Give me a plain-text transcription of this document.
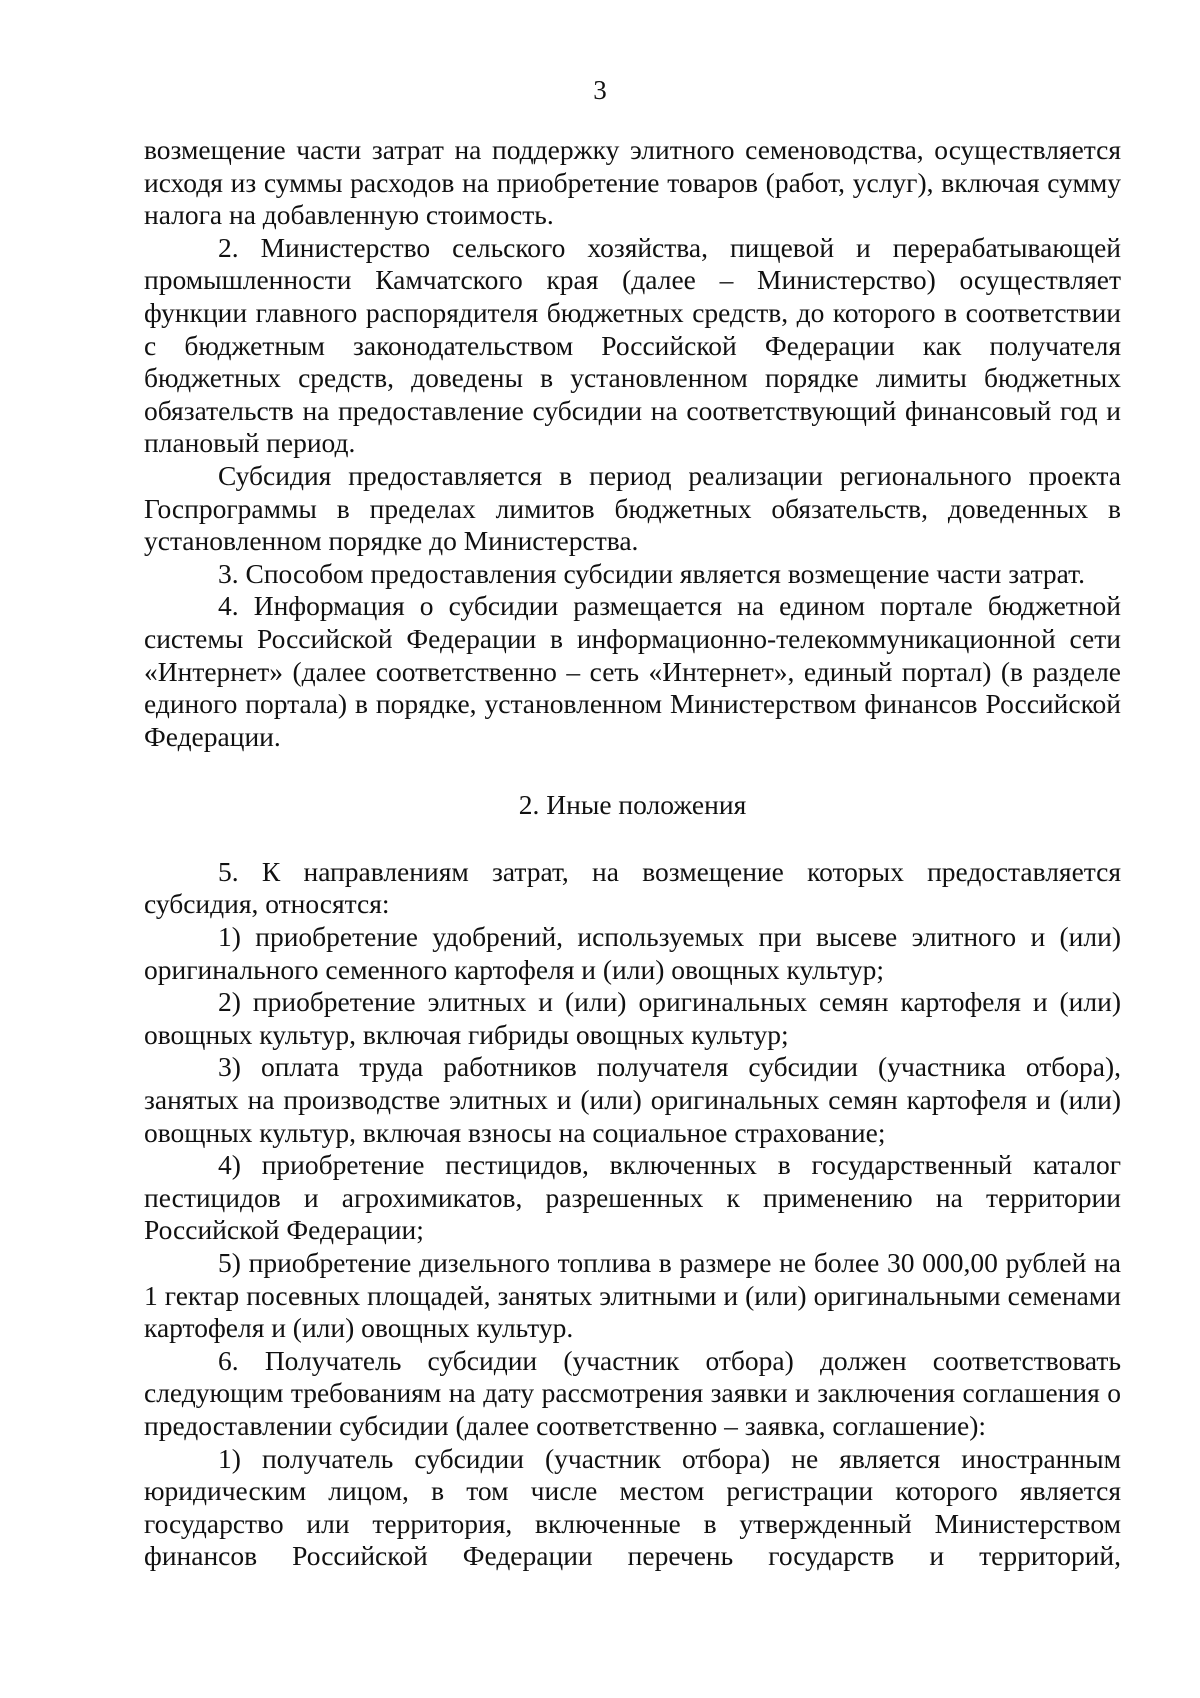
3

возмещение части затрат на поддержку элитного семеноводства, осуществляется исходя из суммы расходов на приобретение товаров (работ, услуг), включая сумму налога на добавленную стоимость.

2. Министерство сельского хозяйства, пищевой и перерабатывающей промышленности Камчатского края (далее – Министерство) осуществляет функции главного распорядителя бюджетных средств, до которого в соответствии с бюджетным законодательством Российской Федерации как получателя бюджетных средств, доведены в установленном порядке лимиты бюджетных обязательств на предоставление субсидии на соответствующий финансовый год и плановый период.

Субсидия предоставляется в период реализации регионального проекта Госпрограммы в пределах лимитов бюджетных обязательств, доведенных в установленном порядке до Министерства.

3. Способом предоставления субсидии является возмещение части затрат.

4. Информация о субсидии размещается на едином портале бюджетной системы Российской Федерации в информационно-телекоммуникационной сети «Интернет» (далее соответственно – сеть «Интернет», единый портал) (в разделе единого портала) в порядке, установленном Министерством финансов Российской Федерации.

2. Иные положения

5. К направлениям затрат, на возмещение которых предоставляется субсидия, относятся:

1) приобретение удобрений, используемых при высеве элитного и (или) оригинального семенного картофеля и (или) овощных культур;

2) приобретение элитных и (или) оригинальных семян картофеля и (или) овощных культур, включая гибриды овощных культур;

3) оплата труда работников получателя субсидии (участника отбора), занятых на производстве элитных и (или) оригинальных семян картофеля и (или) овощных культур, включая взносы на социальное страхование;

4) приобретение пестицидов, включенных в государственный каталог пестицидов и агрохимикатов, разрешенных к применению на территории Российской Федерации;

5) приобретение дизельного топлива в размере не более 30 000,00 рублей на 1 гектар посевных площадей, занятых элитными и (или) оригинальными семенами картофеля и (или) овощных культур.

6. Получатель субсидии (участник отбора) должен соответствовать следующим требованиям на дату рассмотрения заявки и заключения соглашения о предоставлении субсидии (далее соответственно – заявка, соглашение):

1) получатель субсидии (участник отбора) не является иностранным юридическим лицом, в том числе местом регистрации которого является государство или территория, включенные в утвержденный Министерством финансов Российской Федерации перечень государств и территорий,
